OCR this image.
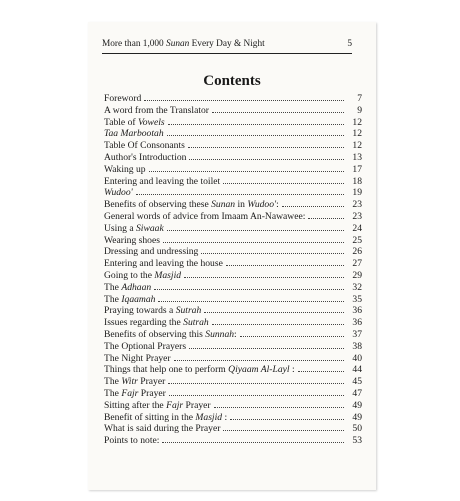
More than 1,000 Sunan Every Day & Night	5
Contents
Foreword	7
A word from the Translator	9
Table of Vowels	12
Taa Marbootah	12
Table Of Consonants	12
Author's Introduction	13
Waking up	17
Entering and leaving the toilet	18
Wudoo'	19
Benefits of observing these Sunan in Wudoo':	23
General words of advice from Imaam An-Nawawee:	23
Using a Siwaak	24
Wearing shoes	25
Dressing and undressing	26
Entering and leaving the house	27
Going to the Masjid	29
The Adhaan	32
The Iqaamah	35
Praying towards a Sutrah	36
Issues regarding the Sutrah	36
Benefits of observing this Sunnah:	37
The Optional Prayers	38
The Night Prayer	40
Things that help one to perform Qiyaam Al-Layl :	44
The Witr Prayer	45
The Fajr Prayer	47
Sitting after the Fajr Prayer	49
Benefit of sitting in the Masjid :	49
What is said during the Prayer	50
Points to note:	53
